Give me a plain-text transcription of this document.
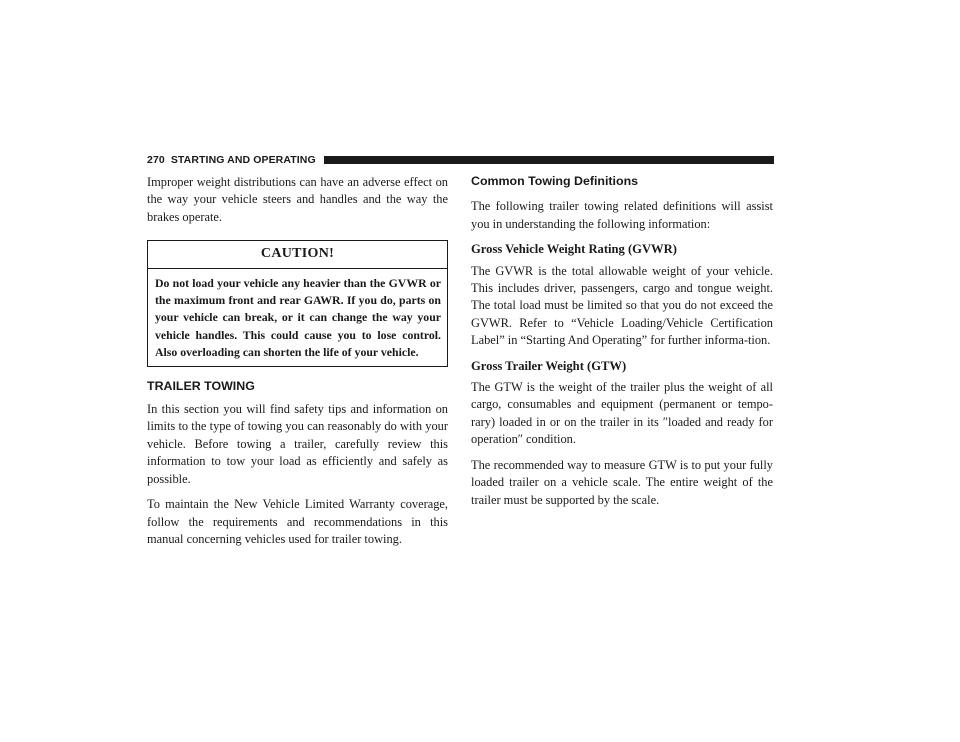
270 STARTING AND OPERATING

Improper weight distributions can have an adverse effect on the way your vehicle steers and handles and the way the brakes operate.

CAUTION!
Do not load your vehicle any heavier than the GVWR or the maximum front and rear GAWR. If you do, parts on your vehicle can break, or it can change the way your vehicle handles. This could cause you to lose control. Also overloading can shorten the life of your vehicle.
TRAILER TOWING

In this section you will find safety tips and information on limits to the type of towing you can reasonably do with your vehicle. Before towing a trailer, carefully review this information to tow your load as efficiently and safely as possible.

To maintain the New Vehicle Limited Warranty coverage, follow the requirements and recommendations in this manual concerning vehicles used for trailer towing.

Common Towing Definitions

The following trailer towing related definitions will assist you in understanding the following information:

Gross Vehicle Weight Rating (GVWR)

The GVWR is the total allowable weight of your vehicle. This includes driver, passengers, cargo and tongue weight. The total load must be limited so that you do not exceed the GVWR. Refer to “Vehicle Loading/Vehicle Certification Label” in “Starting And Operating” for further informa-tion.

Gross Trailer Weight (GTW)

The GTW is the weight of the trailer plus the weight of all cargo, consumables and equipment (permanent or tempo-rary) loaded in or on the trailer in its ″loaded and ready for operation″ condition.

The recommended way to measure GTW is to put your fully loaded trailer on a vehicle scale. The entire weight of the trailer must be supported by the scale.
